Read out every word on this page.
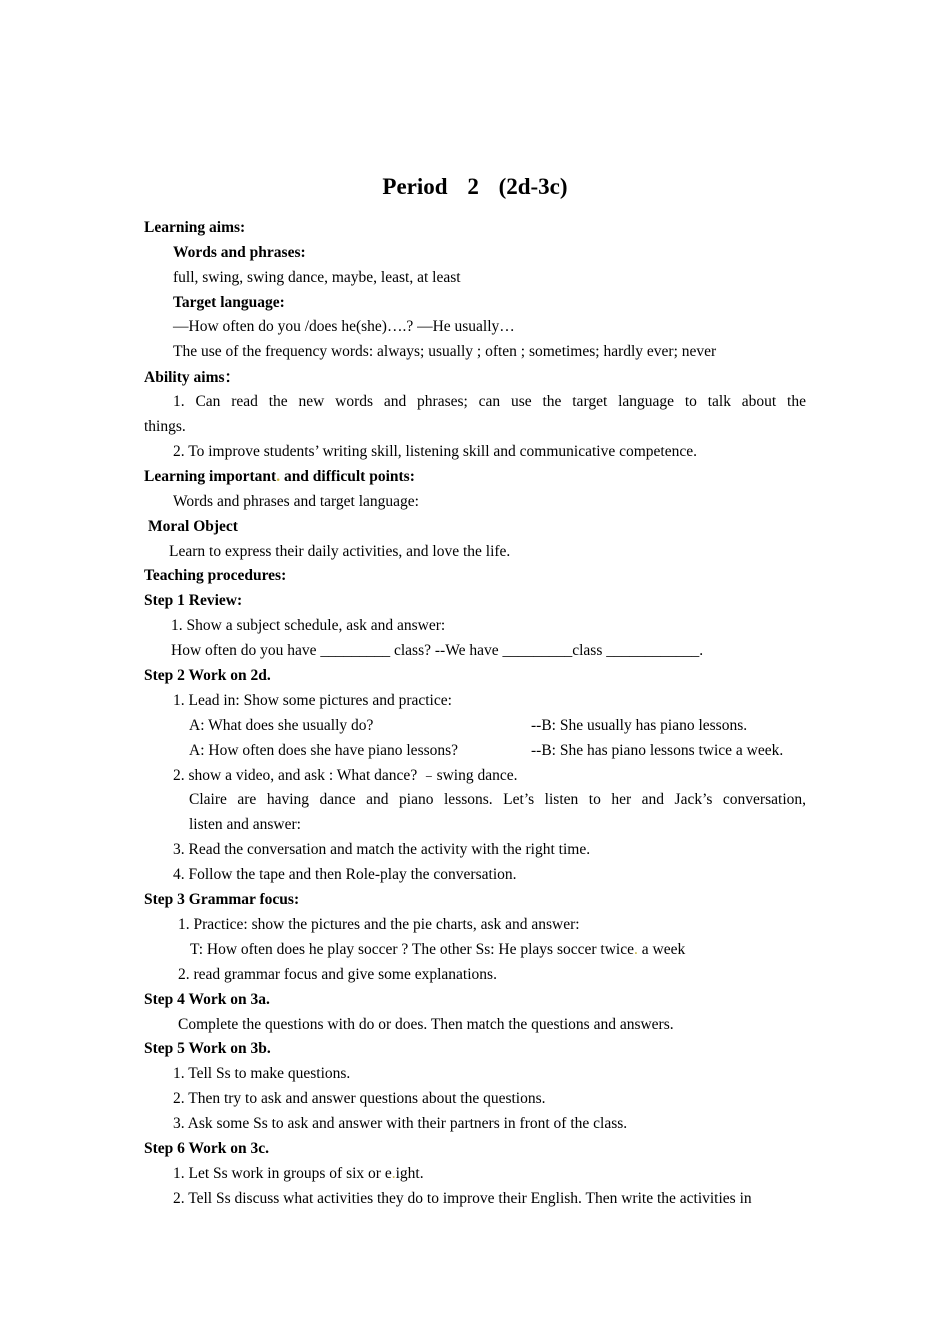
Period 2 (2d-3c)
Learning aims:
Words and phrases:
full, swing, swing dance, maybe, least, at least
Target language:
—How often do you /does he(she)….? —He usually…
The use of the frequency words: always; usually ; often ; sometimes; hardly ever; never
Ability aims：
1. Can read the new words and phrases; can use the target language to talk about the
things.
2. To improve students’ writing skill, listening skill and communicative competence.
Learning important. and difficult points:
Words and phrases and target language:
Moral Object
Learn to express their daily activities, and love the life.
Teaching procedures:
Step 1 Review:
1. Show a subject schedule, ask and answer:
How often do you have _________ class? --We have _________class ____________.
Step 2 Work on 2d.
1. Lead in: Show some pictures and practice:
A: What does she usually do?	--B: She usually has piano lessons.
A: How often does she have piano lessons?	--B: She has piano lessons twice a week.
2. show a video, and ask : What dance? ﹣swing dance.
Claire are having dance and piano lessons. Let’s listen to her and Jack’s conversation,
listen and answer:
3. Read the conversation and match the activity with the right time.
4. Follow the tape and then Role-play the conversation.
Step 3 Grammar focus:
1. Practice: show the pictures and the pie charts, ask and answer:
T: How often does he play soccer ? The other Ss: He plays soccer twice. a week
2. read grammar focus and give some explanations.
Step 4 Work on 3a.
Complete the questions with do or does. Then match the questions and answers.
Step 5 Work on 3b.
1. Tell Ss to make questions.
2. Then try to ask and answer questions about the questions.
3. Ask some Ss to ask and answer with their partners in front of the class.
Step 6 Work on 3c.
1. Let Ss work in groups of six or e.ight.
2. Tell Ss discuss what activities they do to improve their English. Then write the activities in
